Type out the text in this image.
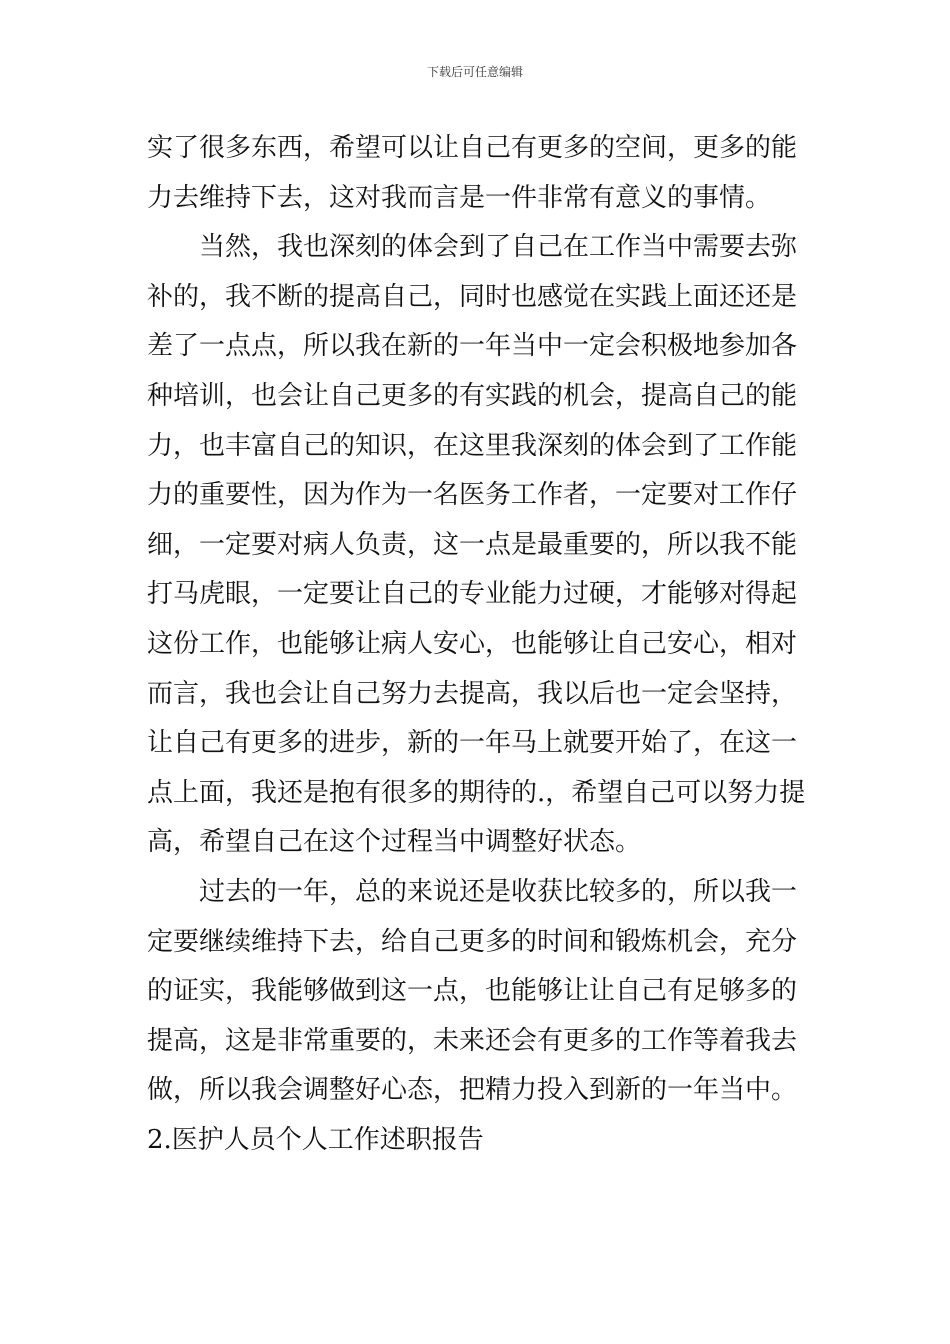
下载后可任意编辑
实了很多东西，希望可以让自己有更多的空间，更多的能
力去维持下去，这对我而言是一件非常有意义的事情。
当然，我也深刻的体会到了自己在工作当中需要去弥
补的，我不断的提高自己，同时也感觉在实践上面还还是
差了一点点，所以我在新的一年当中一定会积极地参加各
种培训，也会让自己更多的有实践的机会，提高自己的能
力，也丰富自己的知识，在这里我深刻的体会到了工作能
力的重要性，因为作为一名医务工作者，一定要对工作仔
细，一定要对病人负责，这一点是最重要的，所以我不能
打马虎眼，一定要让自己的专业能力过硬，才能够对得起
这份工作，也能够让病人安心，也能够让自己安心，相对
而言，我也会让自己努力去提高，我以后也一定会坚持，
让自己有更多的进步，新的一年马上就要开始了，在这一
点上面，我还是抱有很多的期待的.，希望自己可以努力提
高，希望自己在这个过程当中调整好状态。
过去的一年，总的来说还是收获比较多的，所以我一
定要继续维持下去，给自己更多的时间和锻炼机会，充分
的证实，我能够做到这一点，也能够让让自己有足够多的
提高，这是非常重要的，未来还会有更多的工作等着我去
做，所以我会调整好心态，把精力投入到新的一年当中。
2.医护人员个人工作述职报告
